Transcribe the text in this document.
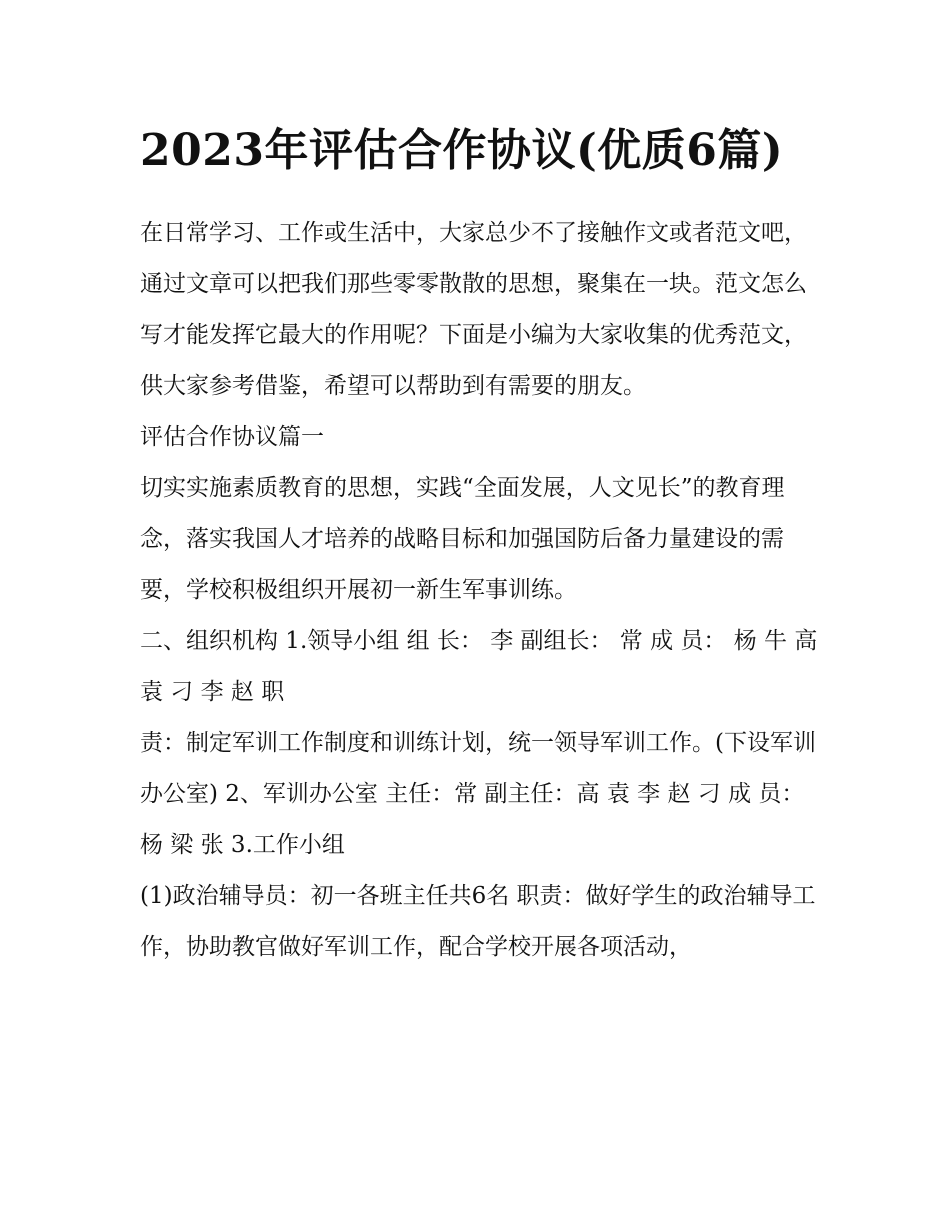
2023年评估合作协议(优质6篇)

在日常学习、工作或生活中，大家总少不了接触作文或者范文吧，通过文章可以把我们那些零零散散的思想，聚集在一块。范文怎么写才能发挥它最大的作用呢？下面是小编为大家收集的优秀范文，供大家参考借鉴，希望可以帮助到有需要的朋友。

评估合作协议篇一

切实实施素质教育的思想，实践“全面发展，人文见长”的教育理念，落实我国人才培养的战略目标和加强国防后备力量建设的需要，学校积极组织开展初一新生军事训练。

二、组织机构 1.领导小组 组 长： 李 副组长： 常 成 员： 杨 牛 高 袁 刁 李 赵 职

责：制定军训工作制度和训练计划，统一领导军训工作。(下设军训办公室) 2、军训办公室 主任：常 副主任：高 袁 李 赵 刁 成 员：杨 梁 张 3.工作小组

(1)政治辅导员：初一各班主任共6名 职责：做好学生的政治辅导工作，协助教官做好军训工作，配合学校开展各项活动，
